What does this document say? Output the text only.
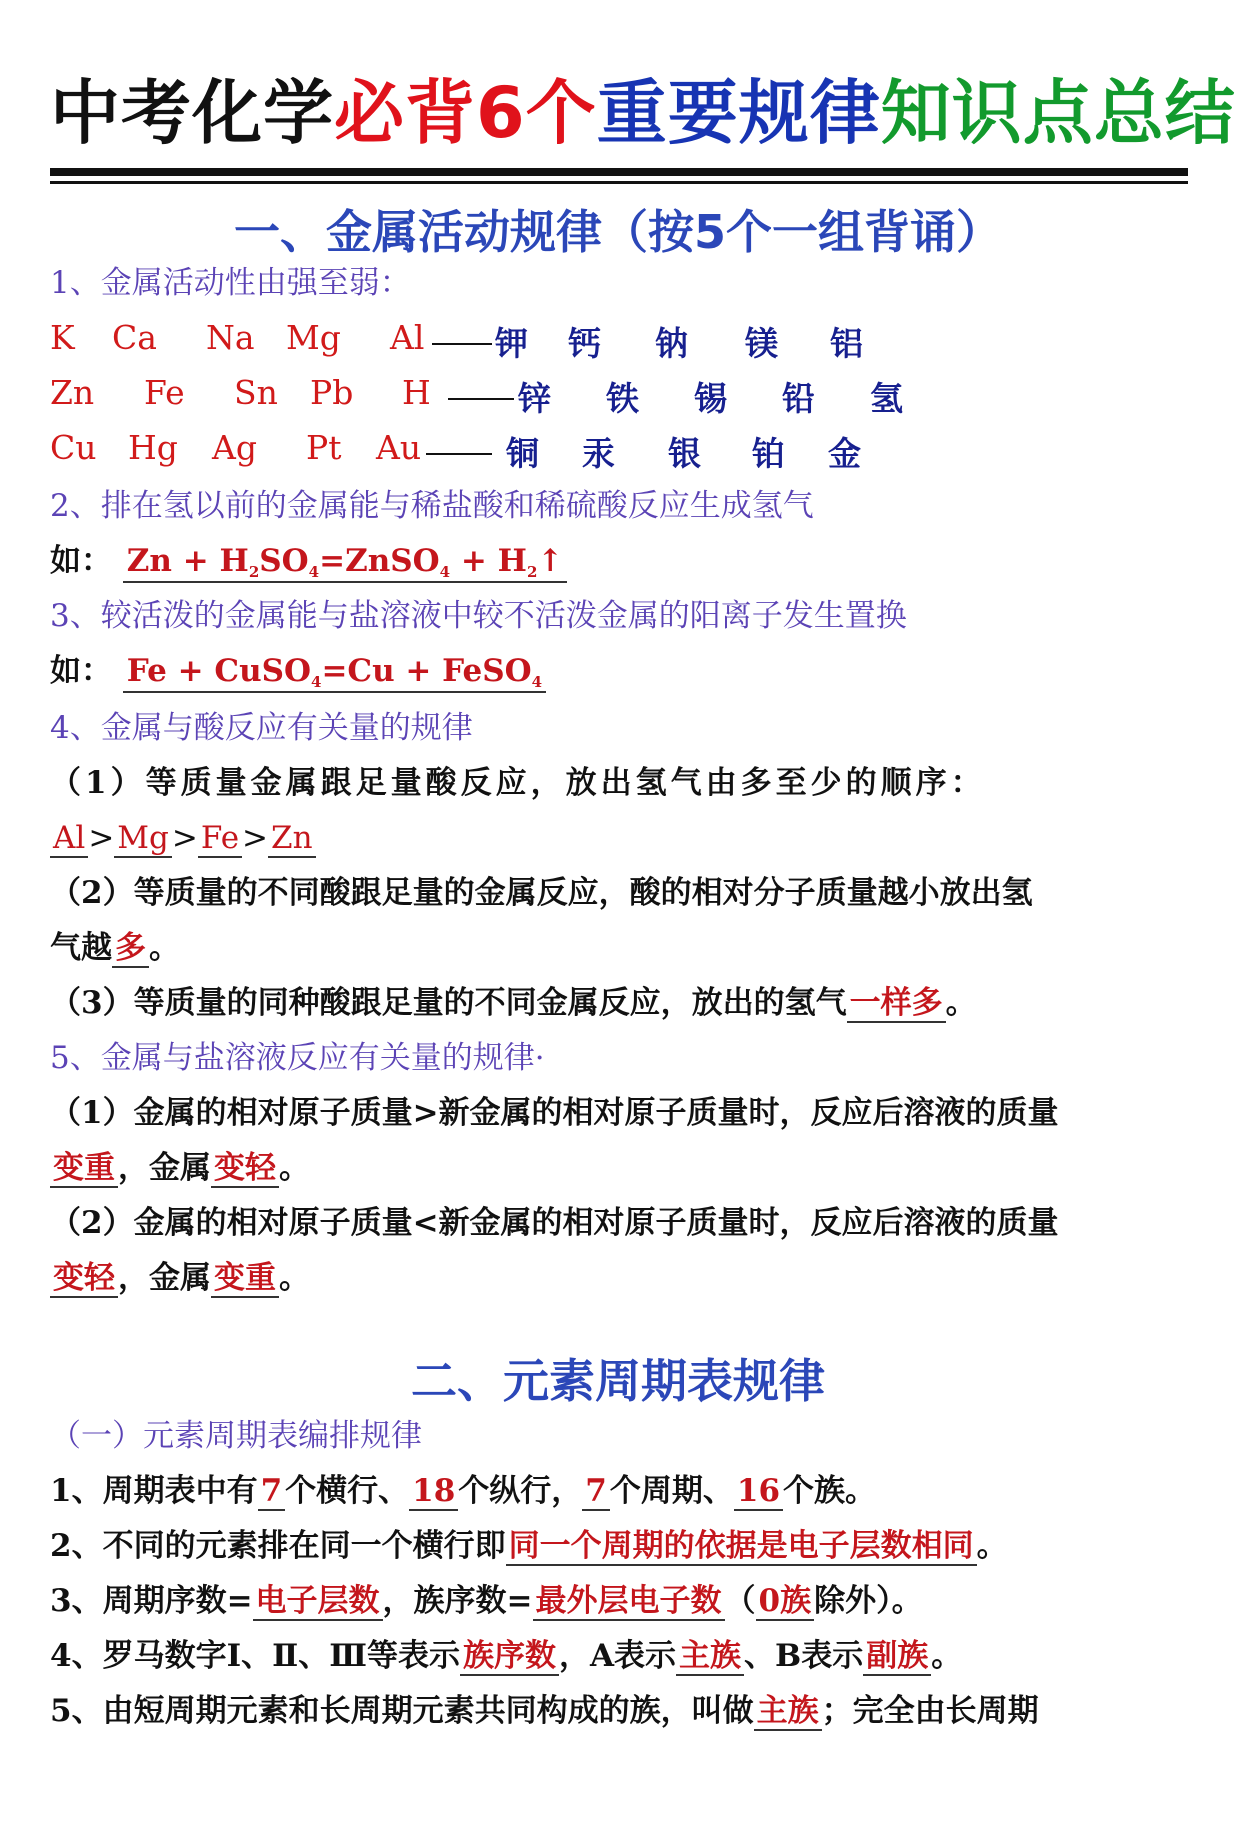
中考化学必背6个重要规律知识点总结
一、金属活动规律（按5个一组背诵）
1、金属活动性由强至弱：
K Ca Na Mg Al 钾 钙 钠 镁 铝
Zn Fe Sn Pb H	锌 铁 锡 铅 氢
Cu Hg Ag Pt Au	铜 汞 银 铂 金
2、排在氢以前的金属能与稀盐酸和稀硫酸反应生成氢气
如： $Zn + H_2SO_4=ZnSO_4$ + $H_2↑$
3、较活泼的金属能与盐溶液中较不活泼金属的阳离子发生置换
如： Fe + CuSO$_4$=Cu + FeSO$_4$
4、金属与酸反应有关量的规律
（1）等质量金属跟足量酸反应，放出氢气由多至少的顺序：
Al>Mg>Fe>Zn
（2）等质量的不同酸跟足量的金属反应，酸的相对分子质量越小放出氢
气越多。
（3）等质量的同种酸跟足量的不同金属反应，放出的氢气一样多。
5、金属与盐溶液反应有关量的规律·
（1）金属的相对原子质量>新金属的相对原子质量时，反应后溶液的质量
变重，金属变轻。
（2）金属的相对原子质量<新金属的相对原子质量时，反应后溶液的质量
变轻，金属变重。
二、元素周期表规律
（一）元素周期表编排规律
1、周期表中有7个横行、18个纵行，7个周期、16个族。
2、不同的元素排在同一个横行即同一个周期的依据是电子层数相同。
3、周期序数=电子层数，族序数=最外层电子数（0族除外）。
4、罗马数字Ⅰ、Ⅱ、Ⅲ等表示族序数，A表示主族、B表示副族。
5、由短周期元素和长周期元素共同构成的族，叫做主族；完全由长周期
